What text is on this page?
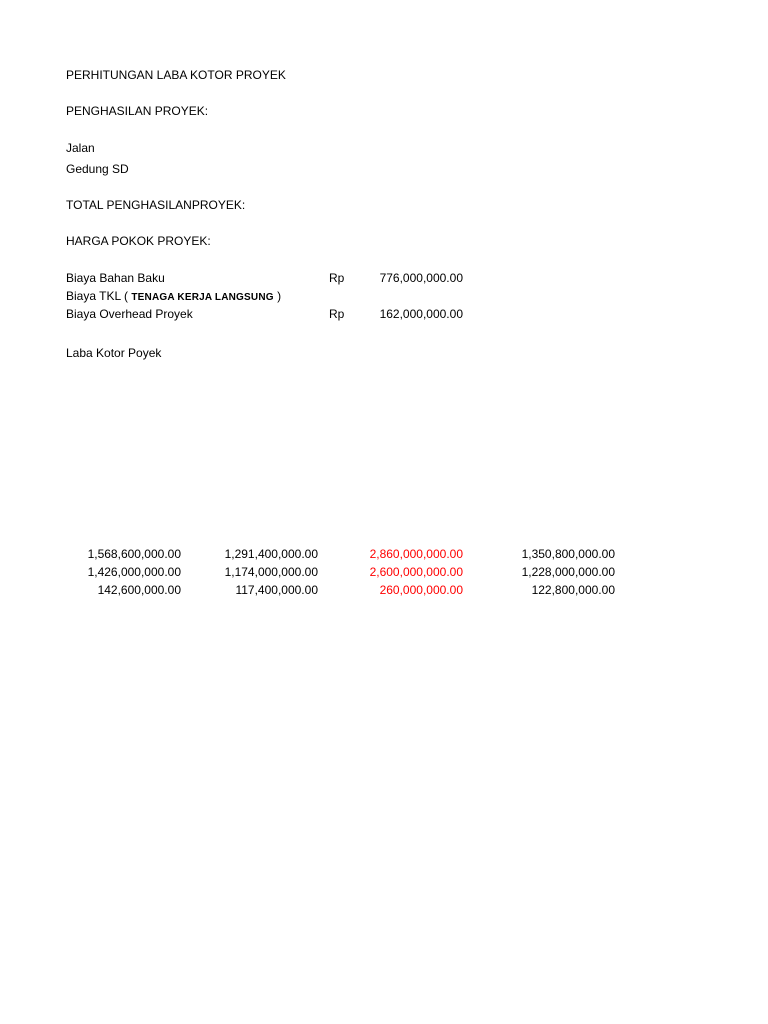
PERHITUNGAN LABA KOTOR PROYEK
PENGHASILAN PROYEK:
Jalan
Gedung SD
TOTAL PENGHASILANPROYEK:
HARGA POKOK PROYEK:
Biaya Bahan Baku	Rp	776,000,000.00
Biaya TKL ( TENAGA KERJA LANGSUNG )
Biaya Overhead Proyek	Rp	162,000,000.00
Laba Kotor Poyek
1,568,600,000.00	1,291,400,000.00	2,860,000,000.00	1,350,800,000.00
1,426,000,000.00	1,174,000,000.00	2,600,000,000.00	1,228,000,000.00
142,600,000.00	117,400,000.00	260,000,000.00	122,800,000.00
